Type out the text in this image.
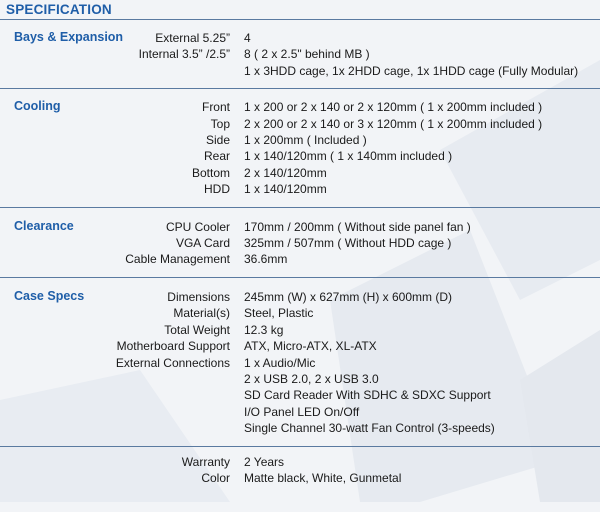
SPECIFICATION
Bays & Expansion	External 5.25”	4
Internal 3.5” /2.5”	8 ( 2 x 2.5" behind MB )
1 x 3HDD cage, 1x 2HDD cage, 1x 1HDD cage (Fully Modular)
Cooling	Front	1 x 200 or 2 x 140 or 2 x 120mm ( 1 x 200mm included )
Top	2 x 200 or 2 x 140 or 3 x 120mm ( 1 x 200mm included )
Side	1 x 200mm ( Included )
Rear	1 x 140/120mm ( 1 x 140mm included )
Bottom	2 x 140/120mm
HDD	1 x 140/120mm
Clearance	CPU Cooler	170mm / 200mm ( Without side panel fan )
VGA Card	325mm / 507mm ( Without HDD cage )
Cable Management	36.6mm
Case Specs	Dimensions	245mm (W) x 627mm (H) x 600mm (D)
Material(s)	Steel, Plastic
Total Weight	12.3 kg
Motherboard Support	ATX, Micro-ATX, XL-ATX
External Connections	1 x Audio/Mic
2 x USB 2.0, 2 x USB 3.0
SD Card Reader With SDHC & SDXC Support
I/O Panel LED On/Off
Single Channel 30-watt Fan Control (3-speeds)
Warranty	2 Years
Color	Matte black, White, Gunmetal
